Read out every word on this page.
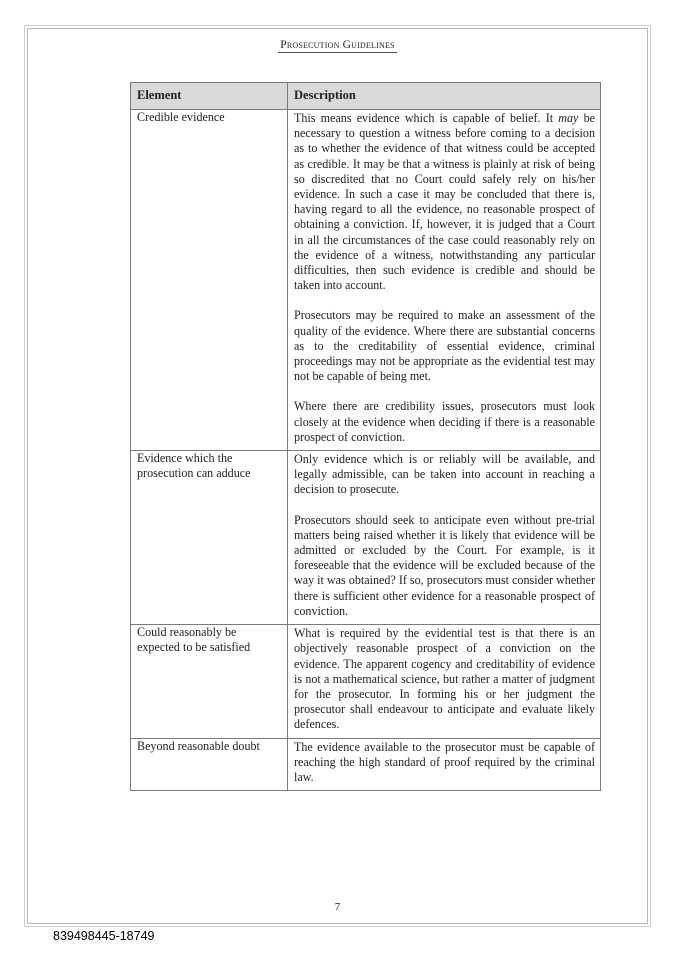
Prosecution Guidelines
Element	Description
Credible evidence	This means evidence which is capable of belief. It may be necessary to question a witness before coming to a decision as to whether the evidence of that witness could be accepted as credible. It may be that a witness is plainly at risk of being so discredited that no Court could safely rely on his/her evidence. In such a case it may be concluded that there is, having regard to all the evidence, no reasonable prospect of obtaining a conviction. If, however, it is judged that a Court in all the circumstances of the case could reasonably rely on the evidence of a witness, notwithstanding any particular difficulties, then such evidence is credible and should be taken into account.

Prosecutors may be required to make an assessment of the quality of the evidence. Where there are substantial concerns as to the creditability of essential evidence, criminal proceedings may not be appropriate as the evidential test may not be capable of being met.

Where there are credibility issues, prosecutors must look closely at the evidence when deciding if there is a reasonable prospect of conviction.

Evidence which the prosecution can adduce	Only evidence which is or reliably will be available, and legally admissible, can be taken into account in reaching a decision to prosecute.

Prosecutors should seek to anticipate even without pre-trial matters being raised whether it is likely that evidence will be admitted or excluded by the Court. For example, is it foreseeable that the evidence will be excluded because of the way it was obtained? If so, prosecutors must consider whether there is sufficient other evidence for a reasonable prospect of conviction.

Could reasonably be expected to be satisfied	What is required by the evidential test is that there is an objectively reasonable prospect of a conviction on the evidence. The apparent cogency and creditability of evidence is not a mathematical science, but rather a matter of judgment for the prosecutor. In forming his or her judgment the prosecutor shall endeavour to anticipate and evaluate likely defences.

Beyond reasonable doubt	The evidence available to the prosecutor must be capable of reaching the high standard of proof required by the criminal law.

7
839498445-18749
